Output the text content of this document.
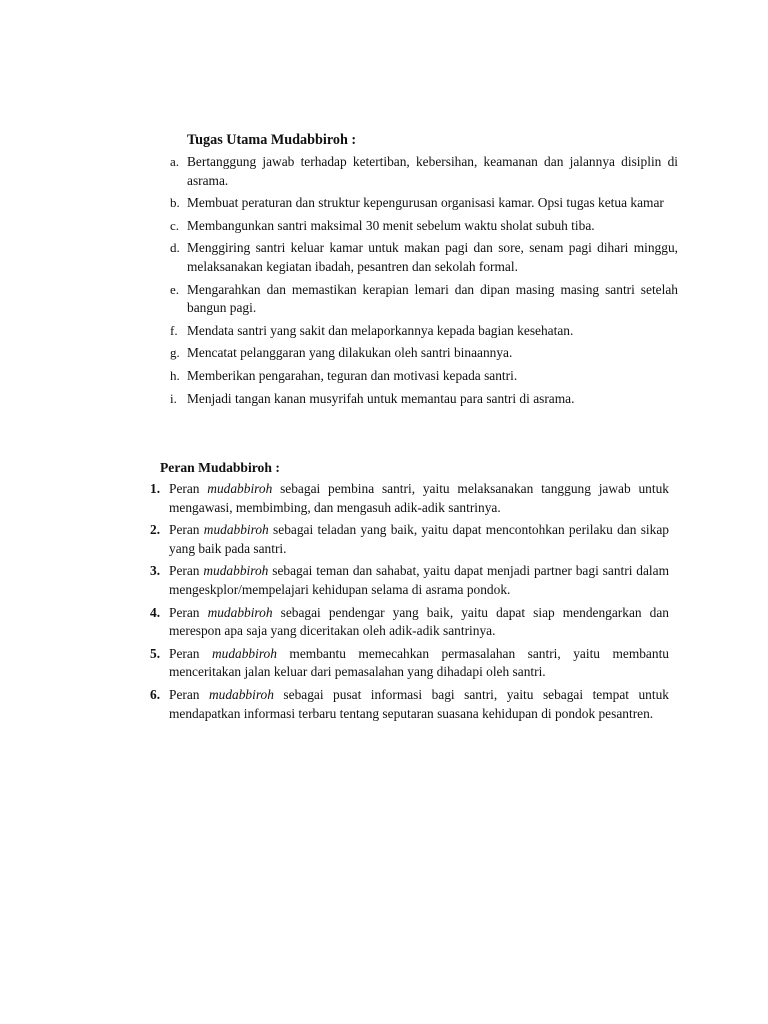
Tugas Utama Mudabbiroh :
a. Bertanggung jawab terhadap ketertiban, kebersihan, keamanan dan jalannya disiplin di asrama.
b. Membuat peraturan dan struktur kepengurusan organisasi kamar. Opsi tugas ketua kamar
c. Membangunkan santri maksimal 30 menit sebelum waktu sholat subuh tiba.
d. Menggiring santri keluar kamar untuk makan pagi dan sore, senam pagi dihari minggu, melaksanakan kegiatan ibadah, pesantren dan sekolah formal.
e. Mengarahkan dan memastikan kerapian lemari dan dipan masing masing santri setelah bangun pagi.
f. Mendata santri yang sakit dan melaporkannya kepada bagian kesehatan.
g. Mencatat pelanggaran yang dilakukan oleh santri binaannya.
h. Memberikan pengarahan, teguran dan motivasi kepada santri.
i. Menjadi tangan kanan musyrifah untuk memantau para santri di asrama.
Peran Mudabbiroh :
1. Peran mudabbiroh sebagai pembina santri, yaitu melaksanakan tanggung jawab untuk mengawasi, membimbing, dan mengasuh adik-adik santrinya.
2. Peran mudabbiroh sebagai teladan yang baik, yaitu dapat mencontohkan perilaku dan sikap yang baik pada santri.
3. Peran mudabbiroh sebagai teman dan sahabat, yaitu dapat menjadi partner bagi santri dalam mengeskplor/mempelajari kehidupan selama di asrama pondok.
4. Peran mudabbiroh sebagai pendengar yang baik, yaitu dapat siap mendengarkan dan merespon apa saja yang diceritakan oleh adik-adik santrinya.
5. Peran mudabbiroh membantu memecahkan permasalahan santri, yaitu membantu menceritakan jalan keluar dari pemasalahan yang dihadapi oleh santri.
6. Peran mudabbiroh sebagai pusat informasi bagi santri, yaitu sebagai tempat untuk mendapatkan informasi terbaru tentang seputaran suasana kehidupan di pondok pesantren.
